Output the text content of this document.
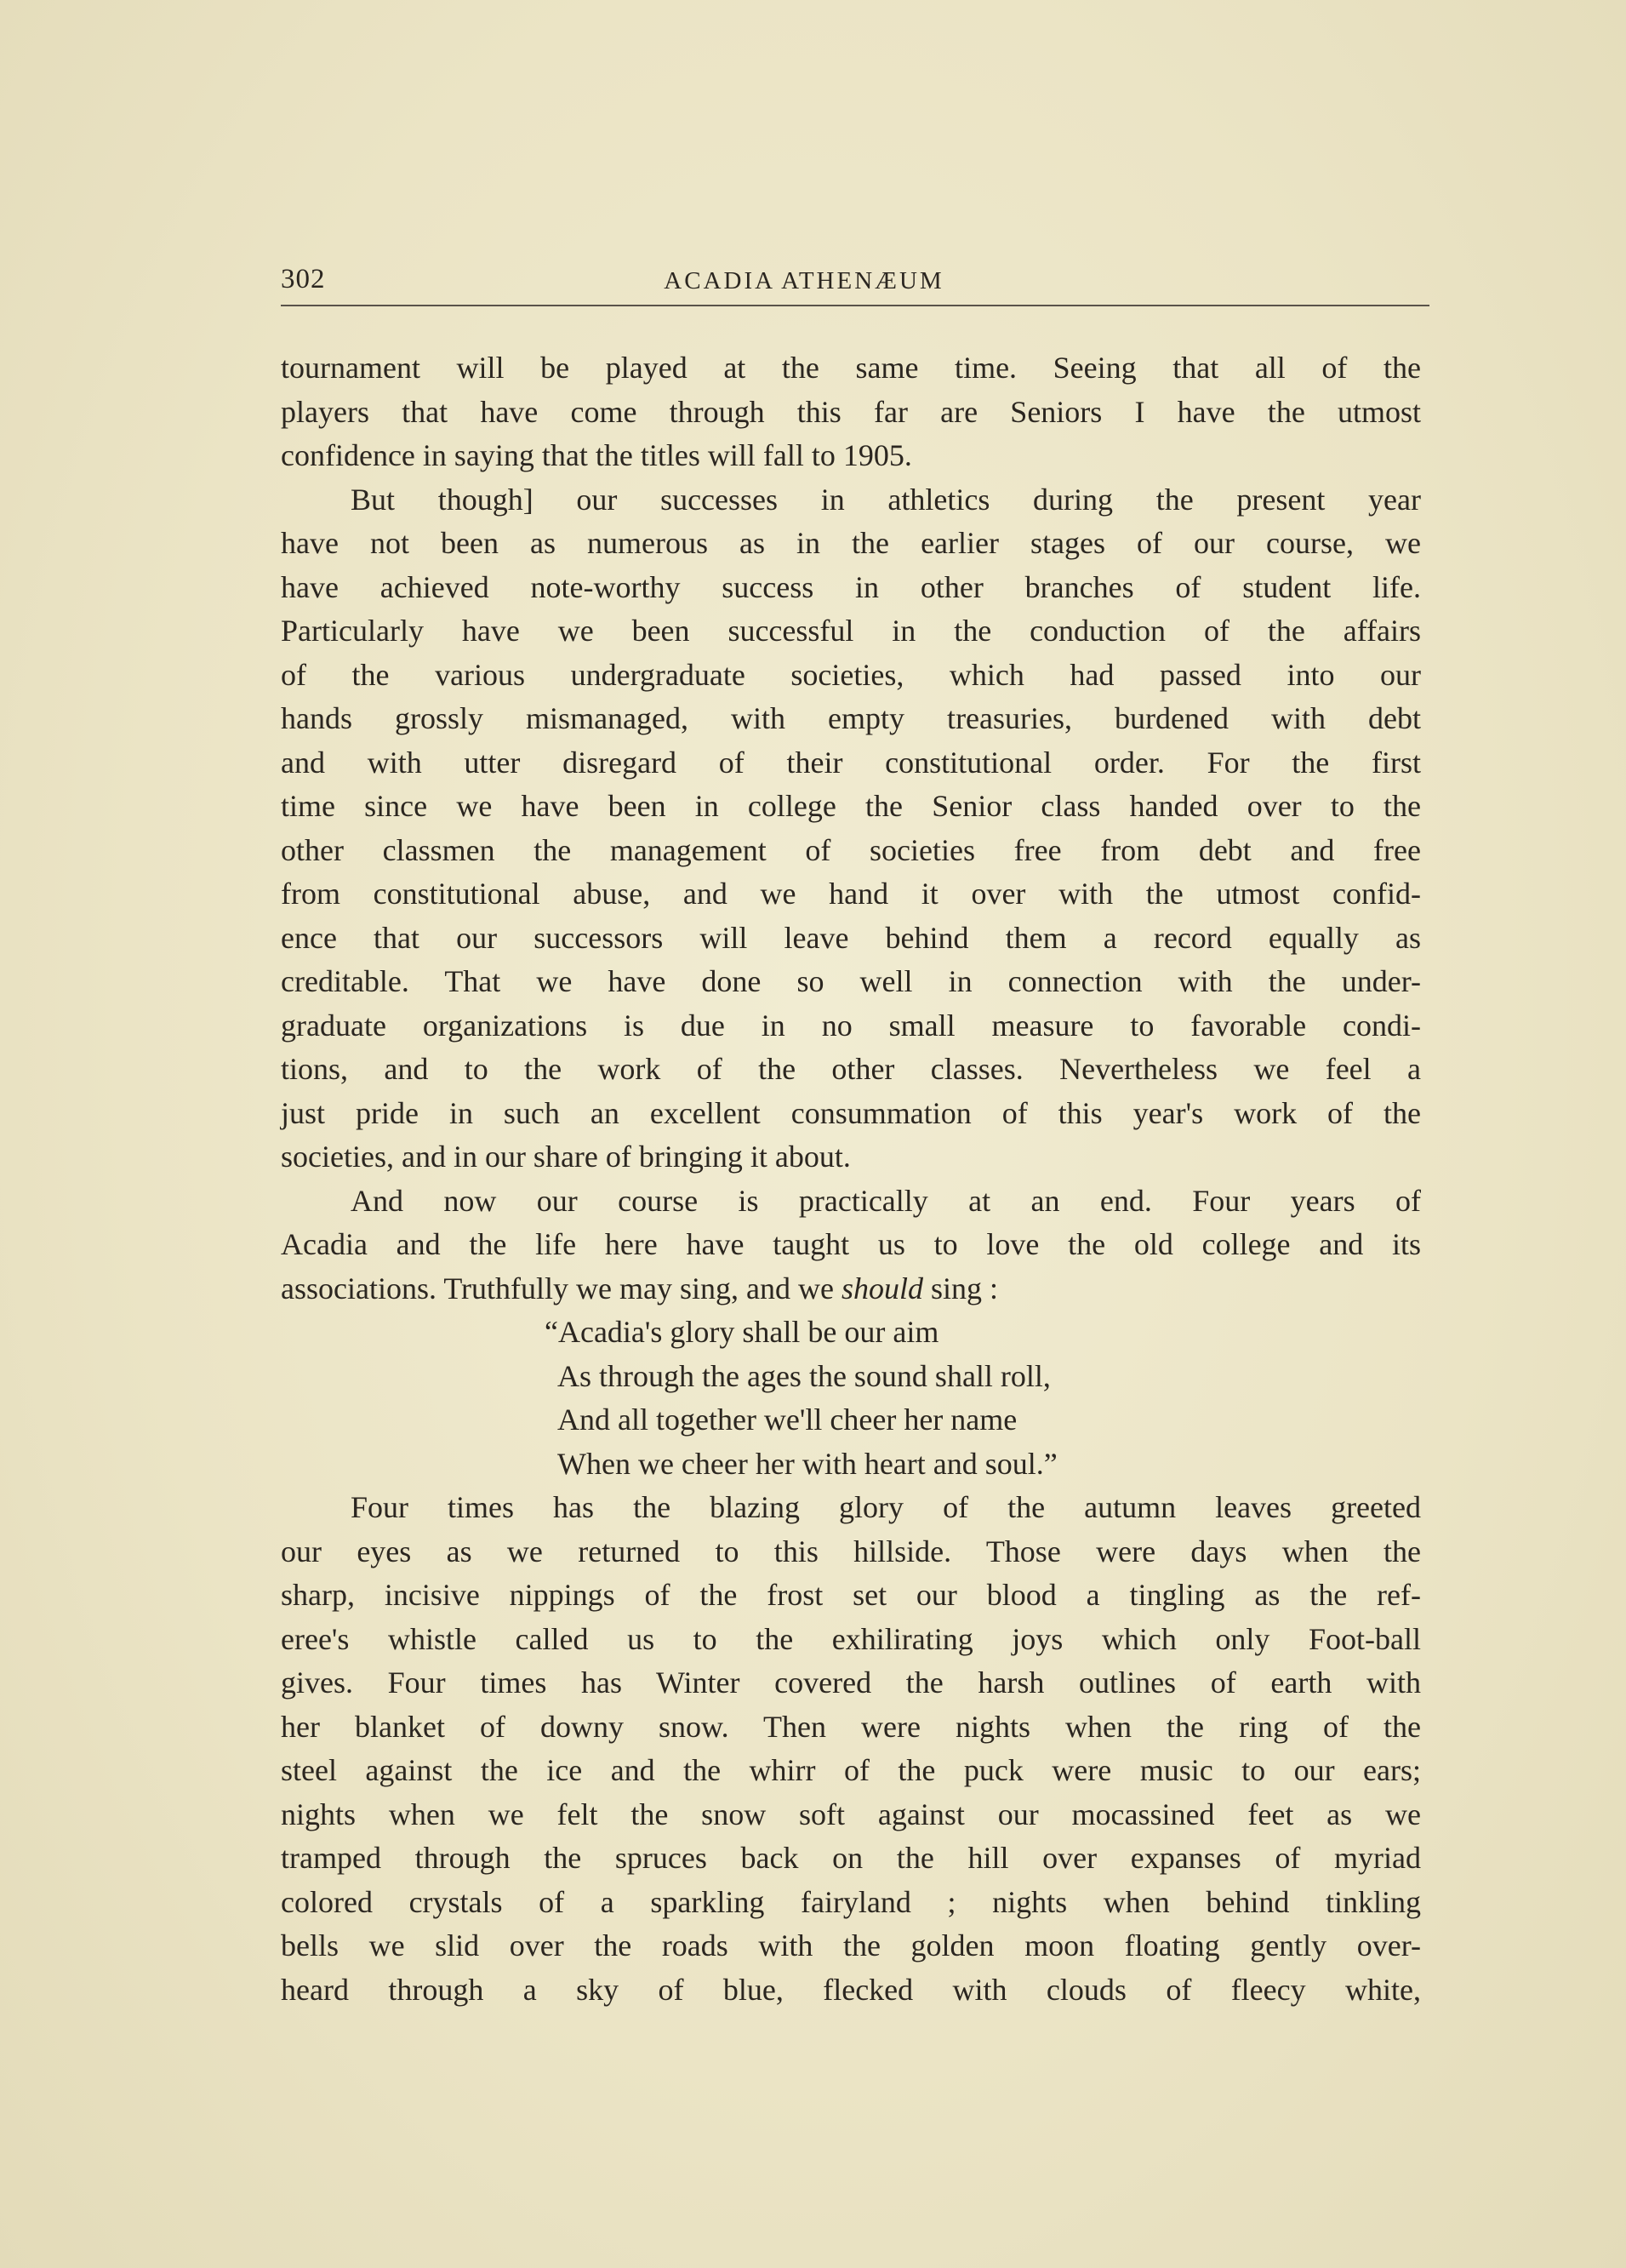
302	ACADIA ATHENÆUM
tournament will be played at the same time. Seeing that all of the
players that have come through this far are Seniors I have the utmost
confidence in saying that the titles will fall to 1905.
But though] our successes in athletics during the present year
have not been as numerous as in the earlier stages of our course, we
have achieved note-worthy success in other branches of student life.
Particularly have we been successful in the conduction of the affairs
of the various undergraduate societies, which had passed into our
hands grossly mismanaged, with empty treasuries, burdened with debt
and with utter disregard of their constitutional order. For the first
time since we have been in college the Senior class handed over to the
other classmen the management of societies free from debt and free
from constitutional abuse, and we hand it over with the utmost confid-
ence that our successors will leave behind them a record equally as
creditable. That we have done so well in connection with the under-
graduate organizations is due in no small measure to favorable condi-
tions, and to the work of the other classes. Nevertheless we feel a
just pride in such an excellent consummation of this year's work of the
societies, and in our share of bringing it about.
And now our course is practically at an end. Four years of
Acadia and the life here have taught us to love the old college and its
associations. Truthfully we may sing, and we should sing :
“Acadia's glory shall be our aim
As through the ages the sound shall roll,
And all together we'll cheer her name
When we cheer her with heart and soul.”
Four times has the blazing glory of the autumn leaves greeted
our eyes as we returned to this hillside. Those were days when the
sharp, incisive nippings of the frost set our blood a tingling as the ref-
eree's whistle called us to the exhilirating joys which only Foot-ball
gives. Four times has Winter covered the harsh outlines of earth with
her blanket of downy snow. Then were nights when the ring of the
steel against the ice and the whirr of the puck were music to our ears;
nights when we felt the snow soft against our mocassined feet as we
tramped through the spruces back on the hill over expanses of myriad
colored crystals of a sparkling fairyland ; nights when behind tinkling
bells we slid over the roads with the golden moon floating gently over-
heard through a sky of blue, flecked with clouds of fleecy white,
